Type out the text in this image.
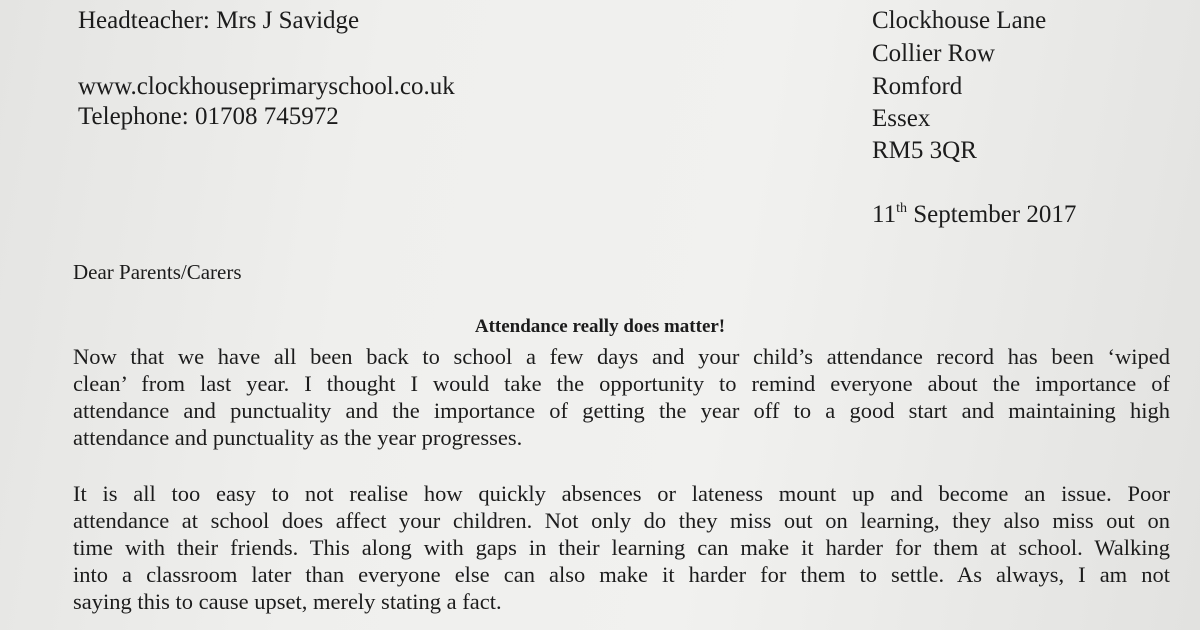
Headteacher: Mrs J Savidge
www.clockhouseprimaryschool.co.uk
Telephone: 01708 745972
Clockhouse Lane
Collier Row
Romford
Essex
RM5 3QR
11th September 2017
Dear Parents/Carers
Attendance really does matter!
Now that we have all been back to school a few days and your child’s attendance record has been ‘wiped
clean’ from last year. I thought I would take the opportunity to remind everyone about the importance of
attendance and punctuality and the importance of getting the year off to a good start and maintaining high
attendance and punctuality as the year progresses.
It is all too easy to not realise how quickly absences or lateness mount up and become an issue. Poor
attendance at school does affect your children. Not only do they miss out on learning, they also miss out on
time with their friends. This along with gaps in their learning can make it harder for them at school. Walking
into a classroom later than everyone else can also make it harder for them to settle. As always, I am not
saying this to cause upset, merely stating a fact.
